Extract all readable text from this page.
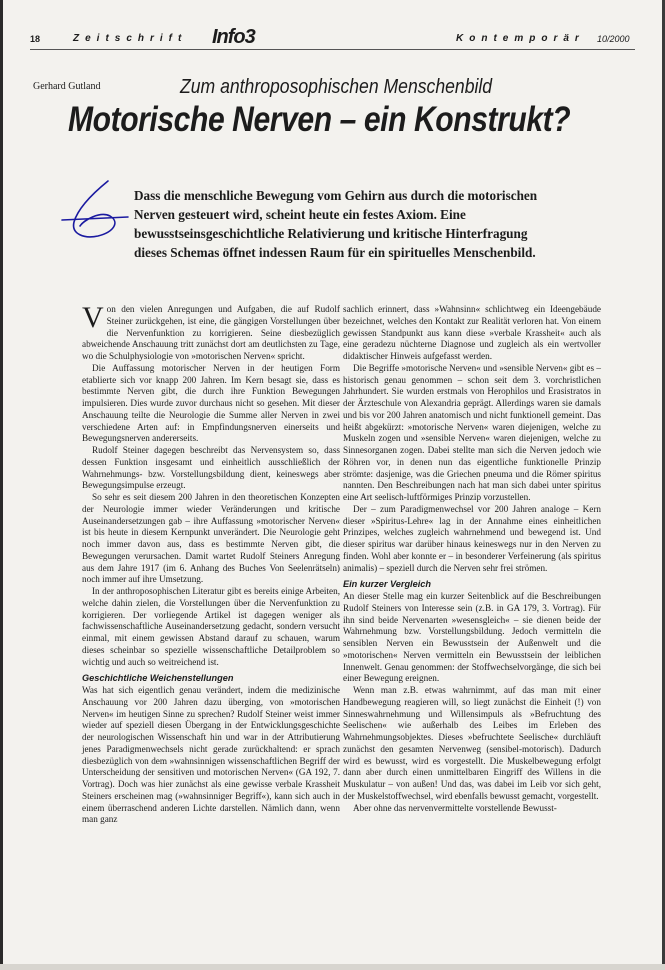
18	Zeitschrift Info3	Kontemporär 10/2000
Gerhard Gutland	Zum anthroposophischen Menschenbild
Motorische Nerven – ein Konstrukt?

Dass die menschliche Bewegung vom Gehirn aus durch die motorischen Nerven gesteuert wird, scheint heute ein festes Axiom. Eine bewusstseinsgeschichtliche Relativierung und kritische Hinterfragung dieses Schemas öffnet indessen Raum für ein spirituelles Menschenbild.

V on den vielen Anregungen und Aufgaben, die auf Rudolf Steiner zurückgehen, ist eine, die gängigen Vorstellungen über die Nervenfunktion zu korrigieren. Seine diesbezüglich abweichende Anschauung tritt zunächst dort am deutlichsten zu Tage, wo die Schulphysiologie von »motorischen Nerven« spricht.

Die Auffassung motorischer Nerven in der heutigen Form etablierte sich vor knapp 200 Jahren. Im Kern besagt sie, dass es bestimmte Nerven gibt, die durch ihre Funktion Bewegungen impulsieren. Dies wurde zuvor durchaus nicht so gesehen. Mit dieser Anschauung teilte die Neurologie die Summe aller Nerven in zwei verschiedene Arten auf: in Empfindungsnerven einerseits und Bewegungsnerven andererseits.

Rudolf Steiner dagegen beschreibt das Nervensystem so, dass dessen Funktion insgesamt und einheitlich ausschließlich der Wahrnehmungs- bzw. Vorstellungsbildung dient, keineswegs aber Bewegungsimpulse erzeugt.

So sehr es seit diesem 200 Jahren in den theoretischen Konzepten der Neurologie immer wieder Veränderungen und kritische Auseinandersetzungen gab – ihre Auffassung »motorischer Nerven« ist bis heute in diesem Kernpunkt unverändert. Die Neurologie geht noch immer davon aus, dass es bestimmte Nerven gibt, die Bewegungen verursachen. Damit wartet Rudolf Steiners Anregung aus dem Jahre 1917 (im 6. Anhang des Buches Von Seelenrätseln) noch immer auf ihre Umsetzung.

In der anthroposophischen Literatur gibt es bereits einige Arbeiten, welche dahin zielen, die Vorstellungen über die Nervenfunktion zu korrigieren. Der vorliegende Artikel ist dagegen weniger als fachwissenschaftliche Auseinandersetzung gedacht, sondern versucht einmal, mit einem gewissen Abstand darauf zu schauen, warum dieses scheinbar so spezielle wissenschaftliche Detailproblem so wichtig und auch so weitreichend ist.

Geschichtliche Weichenstellungen

Was hat sich eigentlich genau verändert, indem die medizinische Anschauung vor 200 Jahren dazu überging, von »motorischen Nerven« im heutigen Sinne zu sprechen? Rudolf Steiner weist immer wieder auf speziell diesen Übergang in der Entwicklungsgeschichte der neurologischen Wissenschaft hin und war in der Attributierung jenes Paradigmenwechsels nicht gerade zurückhaltend: er sprach diesbezüglich von dem »wahnsinnigen wissenschaftlichen Begriff der Unterscheidung der sensitiven und motorischen Nerven« (GA 192, 7. Vortrag). Doch was hier zunächst als eine gewisse verbale Krassheit Steiners erscheinen mag (»wahnsinniger Begriff«), kann sich auch in einem überraschend anderen Lichte darstellen. Nämlich dann, wenn man ganz

sachlich erinnert, dass »Wahnsinn« schlichtweg ein Ideengebäude bezeichnet, welches den Kontakt zur Realität verloren hat. Von einem gewissen Standpunkt aus kann diese »verbale Krassheit« auch als eine geradezu nüchterne Diagnose und zugleich als ein wertvoller didaktischer Hinweis aufgefasst werden.

Die Begriffe »motorische Nerven« und »sensible Nerven« gibt es – historisch genau genommen – schon seit dem 3. vorchristlichen Jahrhundert. Sie wurden erstmals von Herophilos und Erasistratos in der Ärzteschule von Alexandria geprägt. Allerdings waren sie damals und bis vor 200 Jahren anatomisch und nicht funktionell gemeint. Das heißt abgekürzt: »motorische Nerven« waren diejenigen, welche zu Muskeln zogen und »sensible Nerven« waren diejenigen, welche zu Sinnesorganen zogen. Dabei stellte man sich die Nerven jedoch wie Röhren vor, in denen nun das eigentliche funktionelle Prinzip strömte: dasjenige, was die Griechen pneuma und die Römer spiritus nannten. Den Beschreibungen nach hat man sich dabei unter spiritus eine Art seelisch-luftförmiges Prinzip vorzustellen.

Der – zum Paradigmenwechsel vor 200 Jahren analoge – Kern dieser »Spiritus-Lehre« lag in der Annahme eines einheitlichen Prinzipes, welches zugleich wahrnehmend und bewegend ist. Und dieser spiritus war darüber hinaus keineswegs nur in den Nerven zu finden. Wohl aber konnte er – in besonderer Verfeinerung (als spiritus animalis) – speziell durch die Nerven sehr frei strömen.

Ein kurzer Vergleich

An dieser Stelle mag ein kurzer Seitenblick auf die Beschreibungen Rudolf Steiners von Interesse sein (z.B. in GA 179, 3. Vortrag). Für ihn sind beide Nervenarten »wesensgleich« – sie dienen beide der Wahrnehmung bzw. Vorstellungsbildung. Jedoch vermitteln die sensiblen Nerven ein Bewusstsein der Außenwelt und die »motorischen« Nerven vermitteln ein Bewusstsein der leiblichen Innenwelt. Genau genommen: der Stoffwechselvorgänge, die sich bei einer Bewegung ereignen.

Wenn man z.B. etwas wahrnimmt, auf das man mit einer Handbewegung reagieren will, so liegt zunächst die Einheit (!) von Sinneswahrnehmung und Willensimpuls als »Befruchtung des Seelischen« wie außerhalb des Leibes im Erleben des Wahrnehmungsobjektes. Dieses »befruchtete Seelische« durchläuft zunächst den gesamten Nervenweg (sensibel-motorisch). Dadurch wird es bewusst, wird es vorgestellt. Die Muskelbewegung erfolgt dann aber durch einen unmittelbaren Eingriff des Willens in die Muskulatur – von außen! Und das, was dabei im Leib vor sich geht, der Muskelstoffwechsel, wird ebenfalls bewusst gemacht, vorgestellt.

Aber ohne das nervenvermittelte vorstellende Bewusst-
